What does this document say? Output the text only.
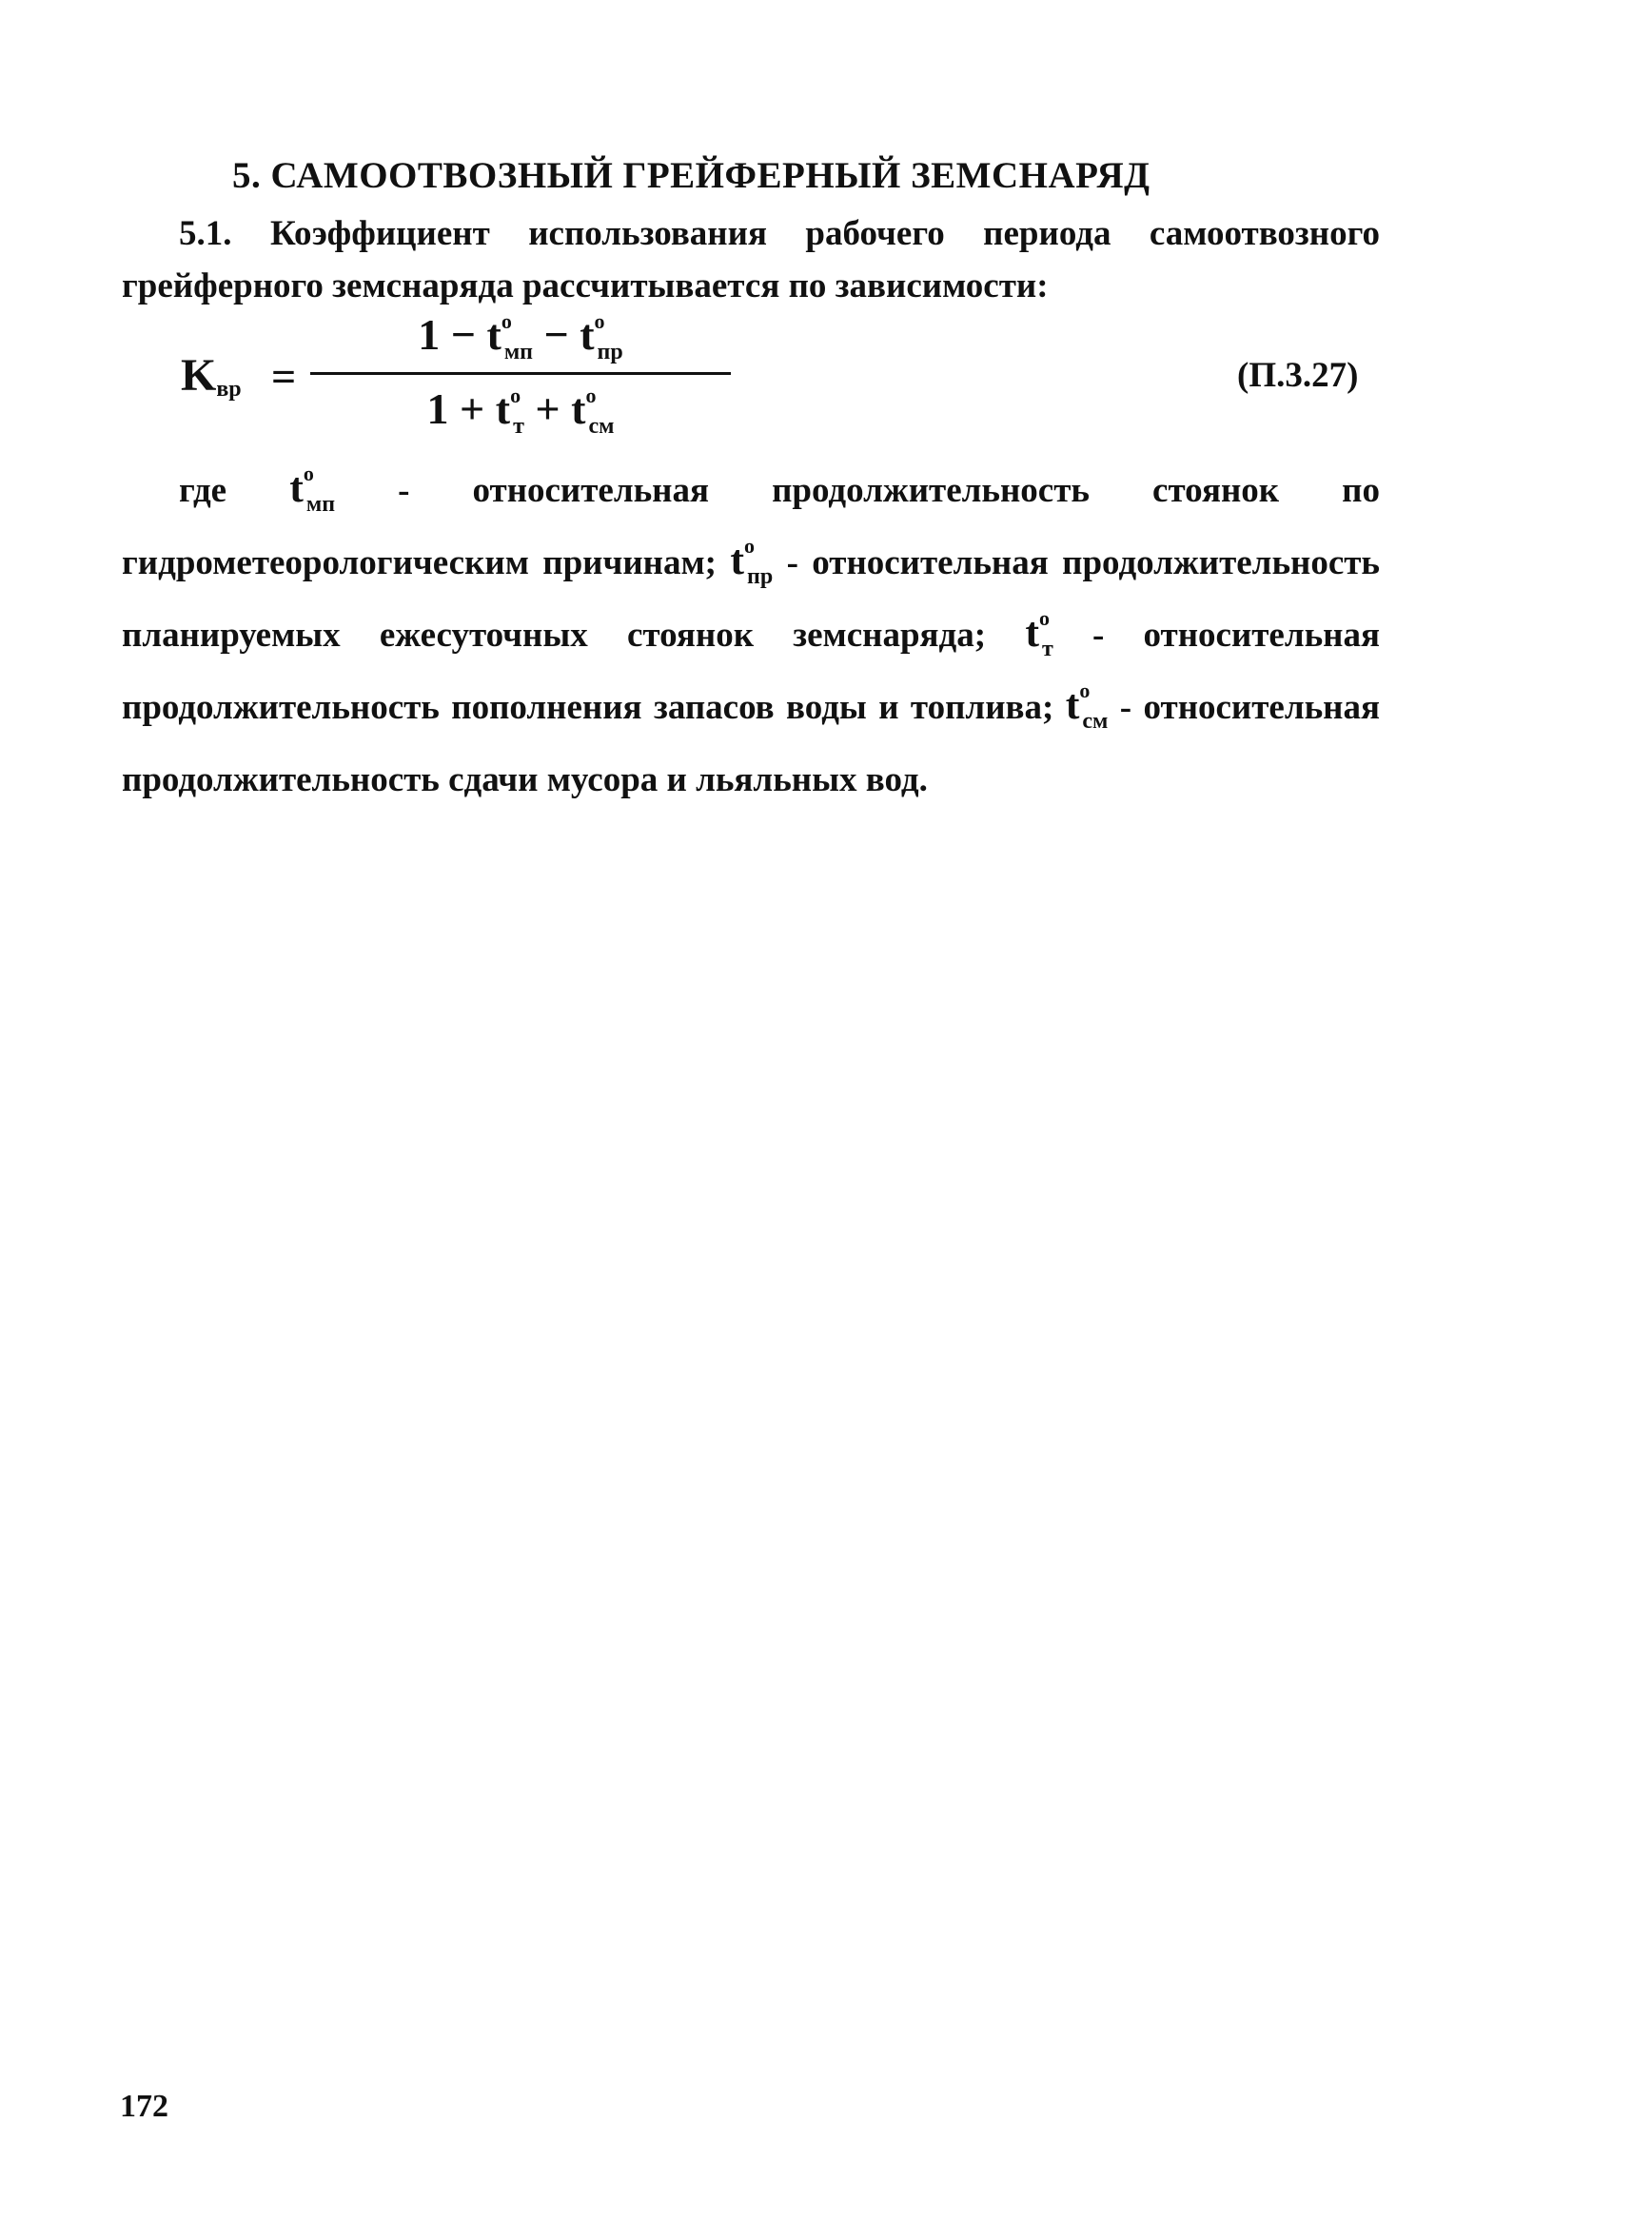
5. САМООТВОЗНЫЙ ГРЕЙФЕРНЫЙ ЗЕМСНАРЯД
5.1. Коэффициент использования рабочего периода самоотвозного грейферного земснаряда рассчитывается по зависимости:
$K_{вр}$ =
$1 - t^о_{мп} - t^о_{пр}$
$1 + t^о_т + t^о_{см}$
(П.3.27)
где $t^о_{мп}$ - относительная продолжительность стоянок по гидрометеорологическим причинам; $t^о_{пр}$ - относительная продолжительность планируемых ежесуточных стоянок земснаряда; $t^о_т$ - относительная продолжительность пополнения запасов воды и топлива; $t^о_{см}$ - относительная продолжительность сдачи мусора и льяльных вод.
172
